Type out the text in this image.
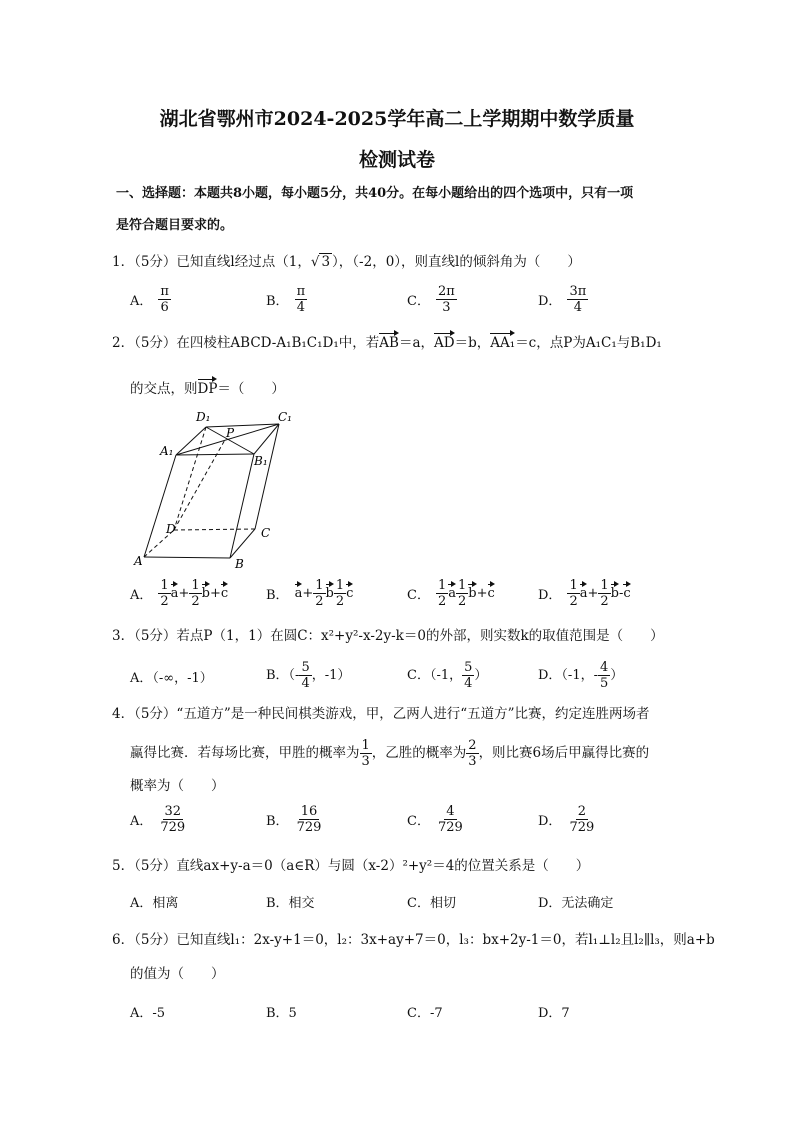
湖北省鄂州市2024-2025学年高二上学期期中数学质量
检测试卷
一、选择题：本题共8小题，每小题5分，共40分。在每小题给出的四个选项中，只有一项
是符合题目要求的。
1．（5分）已知直线l经过点（1，√ 3 ），（-2，0），则直线l的倾斜角为（　　）
A． $\frac{\pi}{6}$	B． $\frac{\pi}{4}$	C． $\frac{2\pi}{3}$	D． $\frac{3\pi}{4}$
2．（5分）在四棱柱ABCD-A₁B₁C₁D₁中，若AB＝a，AD＝b，AA₁＝c，点P为A₁C₁与B₁D₁
的交点，则DP＝（　　）
D₁	C₁
P
A₁
B₁
D	C
A	B
A． $\frac{1}{2} a+ \frac{1}{2} b+c$	B． $a+ \frac{1}{2}$ b $\frac{1}{2}$ c	C． $\frac{1}{2}$ a $\frac{1}{2} b+c$	D． $\frac{1}{2} a+ \frac{1}{2} b-c$
3．（5分）若点P（1，1）在圆C：x²+y²-x-2y-k＝0的外部，则实数k的取值范围是（　　）
A．（-∞，-1）	B．（- $\frac{5}{4}$ ，-1）	C．（-1， $\frac{5}{4}$ ）	D．（-1，- $\frac{4}{5}$ ）
4．（5分）“五道方”是一种民间棋类游戏，甲，乙两人进行“五道方”比赛，约定连胜两场者
赢得比赛．若每场比赛，甲胜的概率为 $\frac{1}{3}$ ，乙胜的概率为 $\frac{2}{3}$ ，则比赛6场后甲赢得比赛的
概率为（　　）
A． $\frac{32}{729}$	B． $\frac{16}{729}$	C． $\frac{4}{729}$	D． $\frac{2}{729}$
5．（5分）直线ax+y-a＝0（a∈R）与圆（x-2）²+y²＝4的位置关系是（　　）
A．相离	B．相交	C．相切	D．无法确定
6．（5分）已知直线l₁：2x-y+1＝0，l₂：3x+ay+7＝0，l₃：bx+2y-1＝0，若l₁⊥l₂且l₂∥l₃，则a+b
的值为（　　）
A．-5	B．5	C．-7	D．7
